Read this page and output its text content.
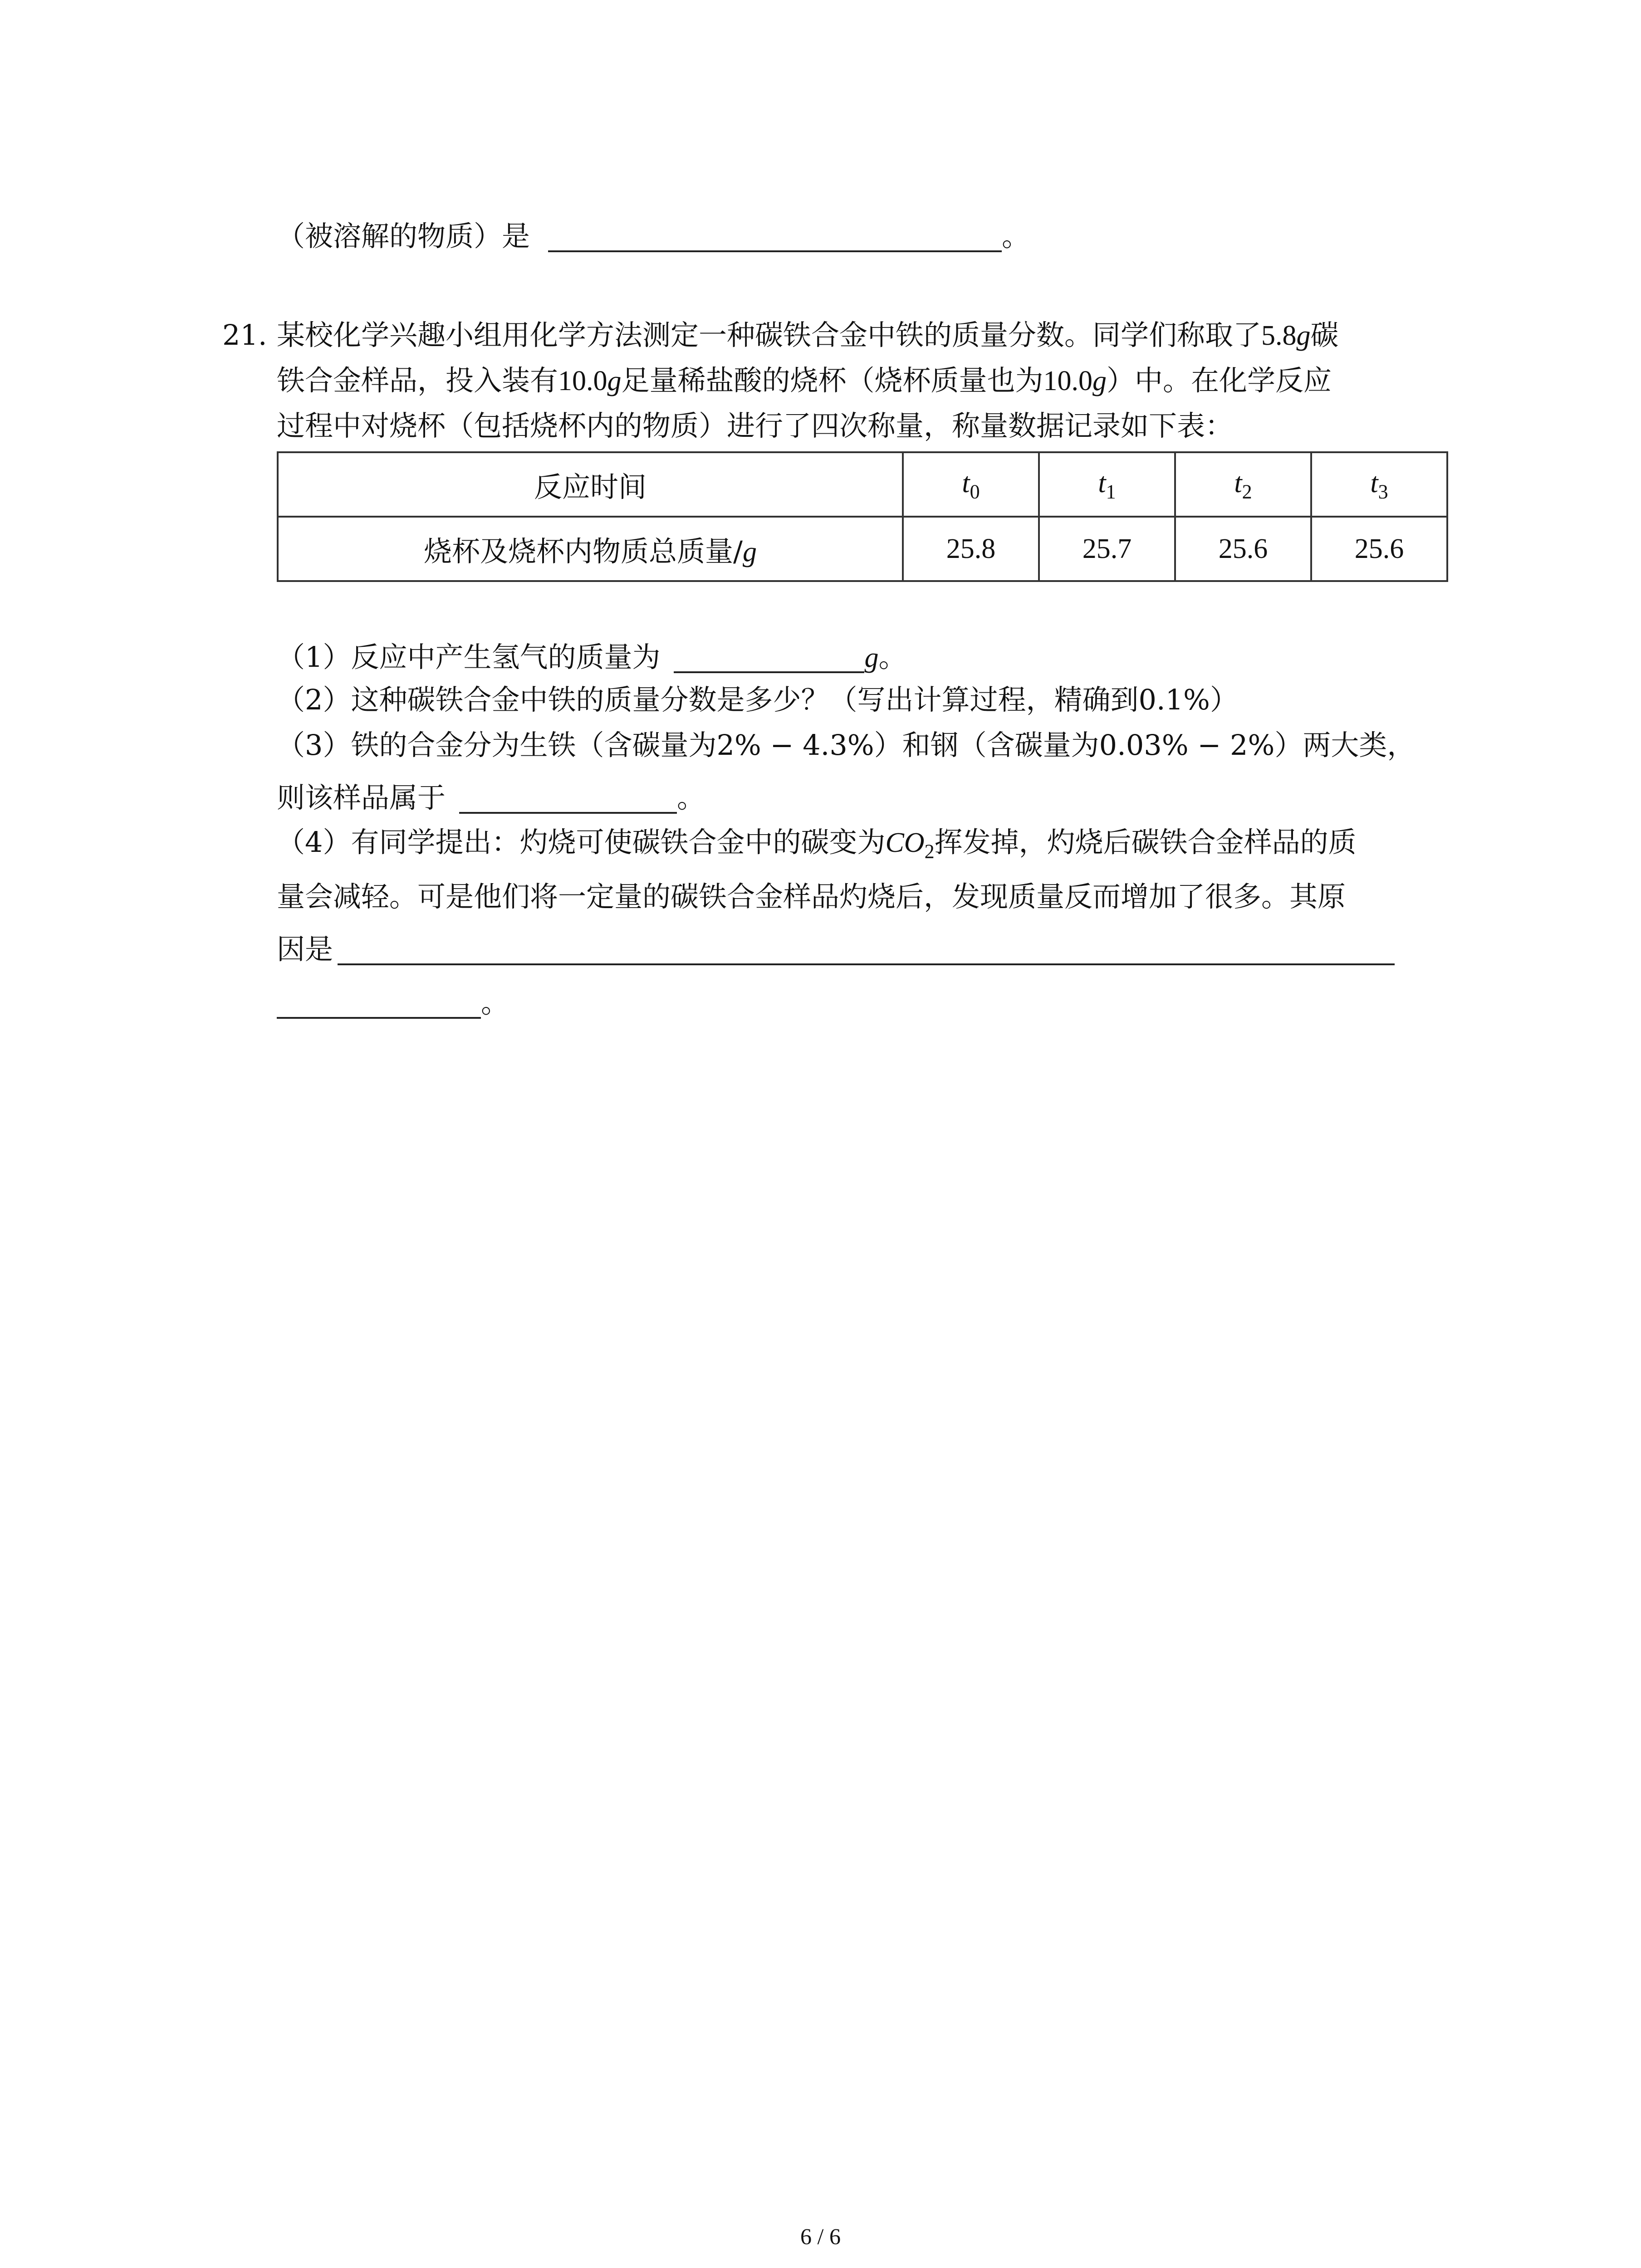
（被溶解的物质）是	。
21. 某校化学兴趣小组用化学方法测定一种碳铁合金中铁的质量分数。同学们称取了5.8g碳
铁合金样品，投入装有10.0g足量稀盐酸的烧杯（烧杯质量也为10.0g）中。在化学反应
过程中对烧杯（包括烧杯内的物质）进行了四次称量，称量数据记录如下表：
反应时间	$t_0$	$t_1$	$t_2$	$t_3$
烧杯及烧杯内物质总质量/g	25.8	25.7	25.6	25.6
（1）反应中产生氢气的质量为	g。
（2）这种碳铁合金中铁的质量分数是多少？（写出计算过程，精确到0.1%）
（3）铁的合金分为生铁（含碳量为2% − 4.3%）和钢（含碳量为0.03% − 2%）两大类，
则该样品属于	。
（4）有同学提出：灼烧可使碳铁合金中的碳变为$CO_2$挥发掉，灼烧后碳铁合金样品的质
量会减轻。可是他们将一定量的碳铁合金样品灼烧后，发现质量反而增加了很多。其原
因是
。
6 / 6
